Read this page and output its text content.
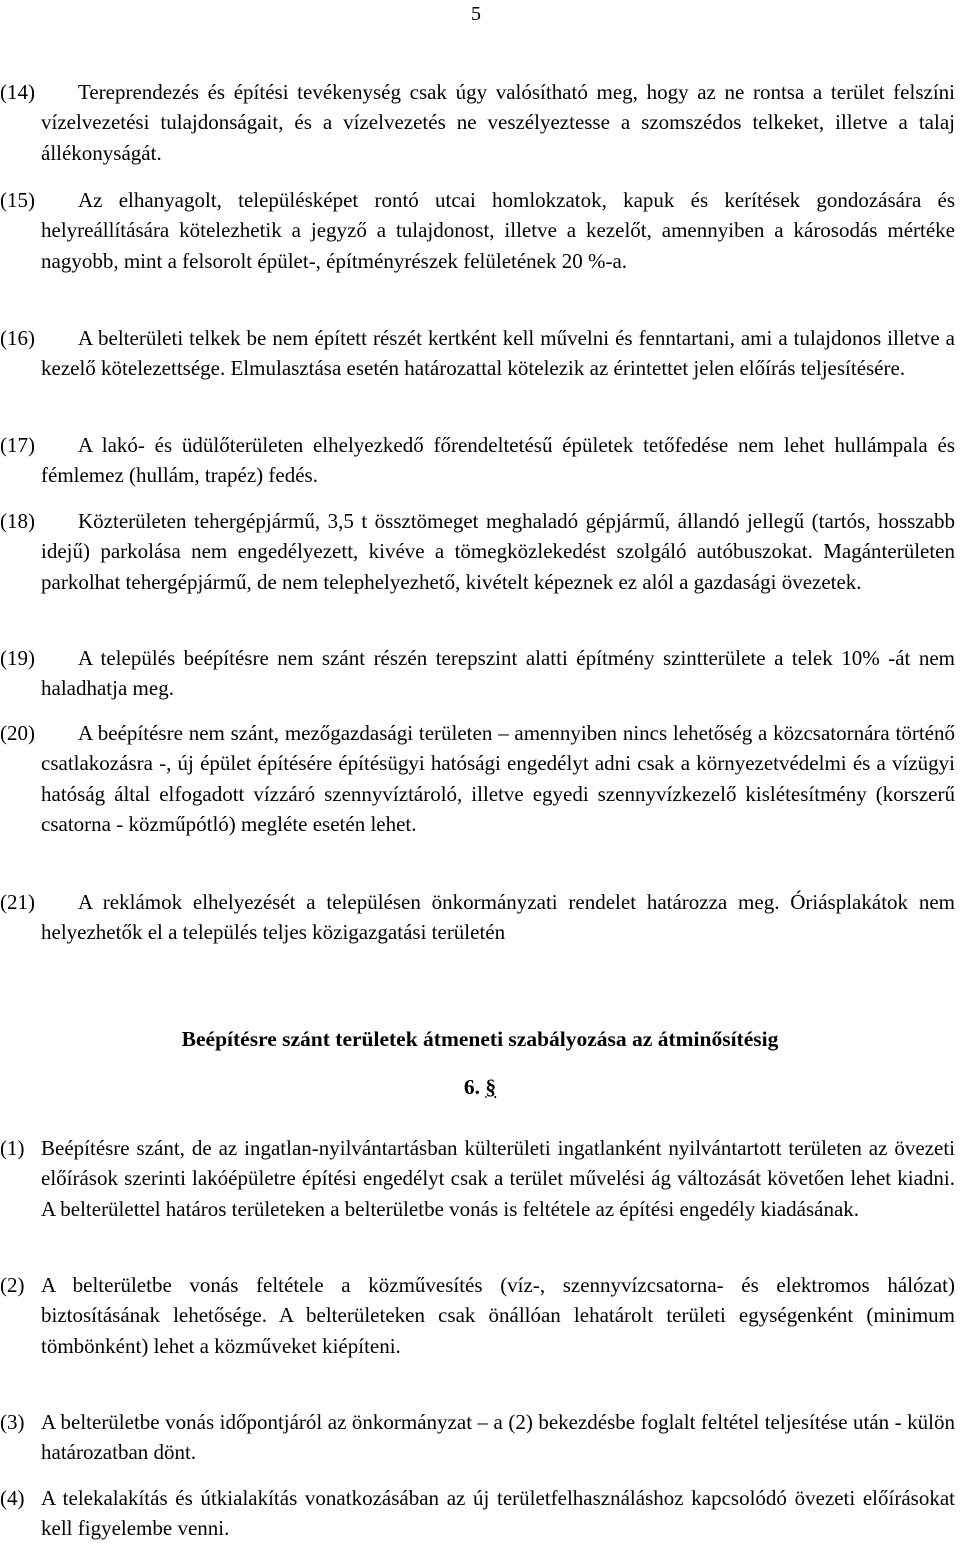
5
(14)	Tereprendezés és építési tevékenység csak úgy valósítható meg, hogy az ne rontsa a terület felszíni vízelvezetési tulajdonságait, és a vízelvezetés ne veszélyeztesse a szomszédos telkeket, illetve a talaj állékonyságát.
(15)	Az elhanyagolt, településképet rontó utcai homlokzatok, kapuk és kerítések gondozására és helyreállítására kötelezhetik a jegyző a tulajdonost, illetve a kezelőt, amennyiben a károsodás mértéke nagyobb, mint a felsorolt épület-, építményrészek felületének 20 %-a.
(16)	A belterületi telkek be nem épített részét kertként kell művelni és fenntartani, ami a tulajdonos illetve a kezelő kötelezettsége. Elmulasztása esetén határozattal kötelezik az érintettet jelen előírás teljesítésére.
(17)	A lakó- és üdülőterületen elhelyezkedő főrendeltetésű épületek tetőfedése nem lehet hullámpala és fémlemez (hullám, trapéz) fedés.
(18)	Közterületen tehergépjármű, 3,5 t össztömeget meghaladó gépjármű, állandó jellegű (tartós, hosszabb idejű) parkolása nem engedélyezett, kivéve a tömegközlekedést szolgáló autóbuszokat. Magánterületen parkolhat tehergépjármű, de nem telephelyezhető, kivételt képeznek ez alól a gazdasági övezetek.
(19)	A település beépítésre nem szánt részén terepszint alatti építmény szintterülete a telek 10% -át nem haladhatja meg.
(20)	A beépítésre nem szánt, mezőgazdasági területen – amennyiben nincs lehetőség a közcsatornára történő csatlakozásra -, új épület építésére építésügyi hatósági engedélyt adni csak a környezetvédelmi és a vízügyi hatóság által elfogadott vízzáró szennyvíztároló, illetve egyedi szennyvízkezelő kislétesítmény (korszerű csatorna - közműpótló) megléte esetén lehet.
(21)	A reklámok elhelyezését a településen önkormányzati rendelet határozza meg. Óriásplakátok nem helyezhetők el a település teljes közigazgatási területén
Beépítésre szánt területek átmeneti szabályozása az átminősítésig
6. §
(1) Beépítésre szánt, de az ingatlan-nyilvántartásban külterületi ingatlanként nyilvántartott területen az övezeti előírások szerinti lakóépületre építési engedélyt csak a terület művelési ág változását követően lehet kiadni. A belterülettel határos területeken a belterületbe vonás is feltétele az építési engedély kiadásának.
(2) A belterületbe vonás feltétele a közművesítés (víz-, szennyvízcsatorna- és elektromos hálózat) biztosításának lehetősége. A belterületeken csak önállóan lehatárolt területi egységenként (minimum tömbönként) lehet a közműveket kiépíteni.
(3) A belterületbe vonás időpontjáról az önkormányzat – a (2) bekezdésbe foglalt feltétel teljesítése után - külön határozatban dönt.
(4) A telekalakítás és útkialakítás vonatkozásában az új területfelhasználáshoz kapcsolódó övezeti előírásokat kell figyelembe venni.
